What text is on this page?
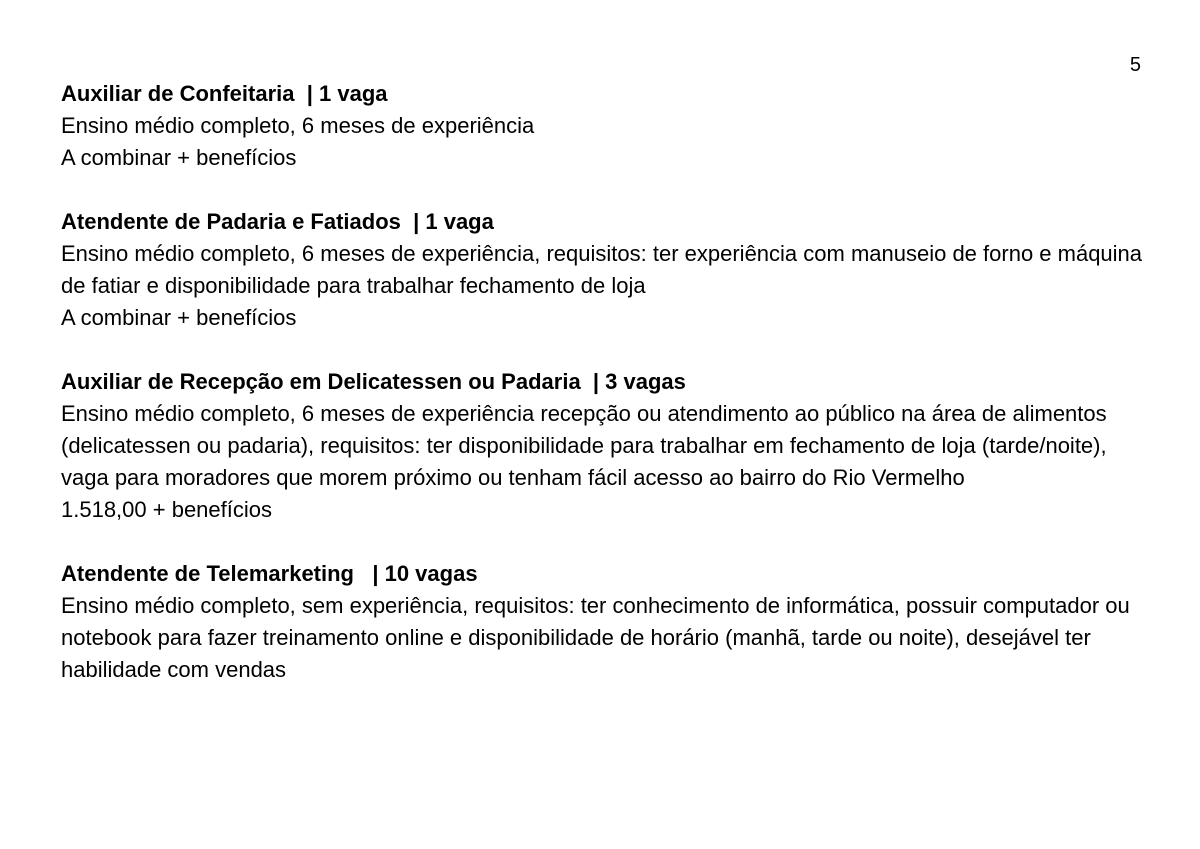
5
Auxiliar de Confeitaria  | 1 vaga

Ensino médio completo, 6 meses de experiência

A combinar + benefícios

Atendente de Padaria e Fatiados  | 1 vaga

Ensino médio completo, 6 meses de experiência, requisitos: ter experiência com manuseio de forno e máquina de fatiar e disponibilidade para trabalhar fechamento de loja

A combinar + benefícios

Auxiliar de Recepção em Delicatessen ou Padaria  | 3 vagas

Ensino médio completo, 6 meses de experiência recepção ou atendimento ao público na área de alimentos (delicatessen ou padaria), requisitos: ter disponibilidade para trabalhar em fechamento de loja (tarde/noite), vaga para moradores que morem próximo ou tenham fácil acesso ao bairro do Rio Vermelho

1.518,00 + benefícios

Atendente de Telemarketing   | 10 vagas

Ensino médio completo, sem experiência, requisitos: ter conhecimento de informática, possuir computador ou notebook para fazer treinamento online e disponibilidade de horário (manhã, tarde ou noite), desejável ter habilidade com vendas
